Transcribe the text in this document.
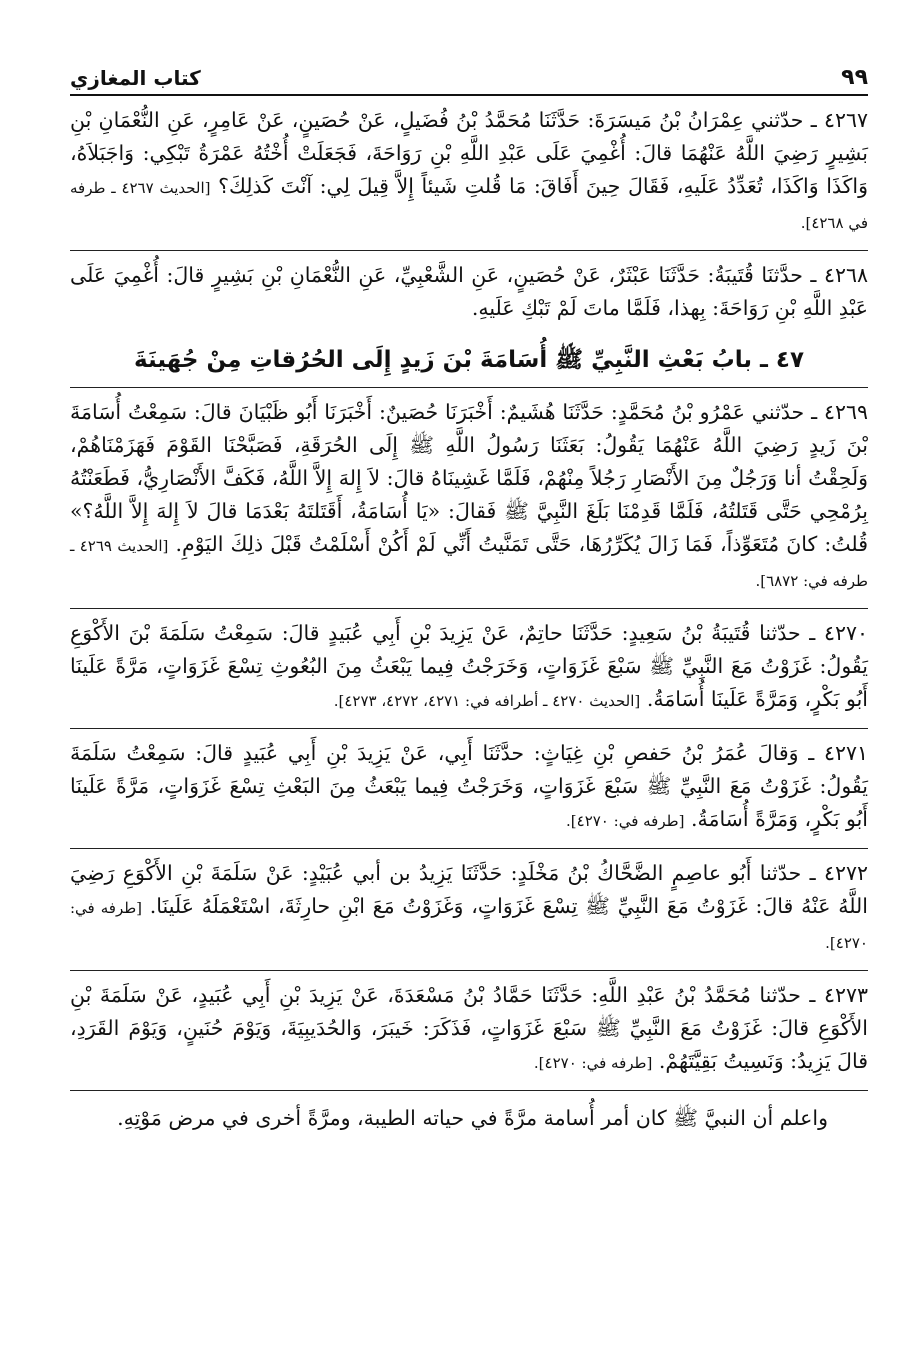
كتاب المغازي	٩٩

٤٢٦٧ ـ حدّثني عِمْرَانُ بْنُ مَيسَرَةَ: حَدَّثَنَا مُحَمَّدُ بْنُ فُضَيلٍ، عَنْ حُصَينٍ، عَنْ عَامِرٍ، عَنِ النُّعْمَانِ بْنِ بَشِيرٍ رَضِيَ اللَّهُ عَنْهُمَا قالَ: أُغْمِيَ عَلَى عَبْدِ اللَّهِ بْنِ رَوَاحَةَ، فَجَعَلَتْ أُخْتُهُ عَمْرَةُ تَبْكِي: وَاجَبَلاَهُ، وَاكَذَا وَاكَذَا، تُعَدِّدُ عَلَيهِ، فَقَالَ حِينَ أَفَاقَ: مَا قُلتِ شَيئاً إِلاَّ قِيلَ لِي: آنْتَ كَذلِكَ؟ [الحديث ٤٢٦٧ ـ طرفه في ٤٢٦٨].

٤٢٦٨ ـ حدَّثنَا قُتَيبَةُ: حَدَّثَنَا عَبْثَرٌ، عَنْ حُصَينٍ، عَنِ الشَّعْبِيِّ، عَنِ النُّعْمَانِ بْنِ بَشِيرٍ قالَ: أُغْمِيَ عَلَى عَبْدِ اللَّهِ بْنِ رَوَاحَةَ: بِهذا، فَلَمَّا ماتَ لَمْ تَبْكِ عَلَيهِ.

٤٧ ـ بابُ بَعْثِ النَّبِيِّ ﷺ أُسَامَةَ بْنَ زَيدٍ إِلَى الحُرُقاتِ مِنْ جُهَينَةَ

٤٢٦٩ ـ حدّثني عَمْرُو بْنُ مُحَمَّدٍ: حَدَّثَنَا هُشَيمٌ: أَخْبَرَنَا حُصَينٌ: أَخْبَرَنَا أَبُو ظَبْيَانَ قالَ: سَمِعْتُ أُسَامَةَ بْنَ زَيدٍ رَضِيَ اللَّهُ عَنْهُمَا يَقُولُ: بَعَثَنَا رَسُولُ اللَّهِ ﷺ إِلَى الحُرَقَةِ، فَصَبَّحْنَا القَوْمَ فَهَزَمْنَاهُمْ، وَلَحِقْتُ أنا وَرَجُلٌ مِنَ الأَنْصَارِ رَجُلاً مِنْهُمْ، فَلَمَّا غَشِينَاهُ قالَ: لاَ إِلهَ إِلاَّ اللَّهُ، فَكَفَّ الأَنْصَارِيُّ، فَطَعَنْتُهُ بِرُمْحِي حَتَّى قَتَلتُهُ، فَلَمَّا قَدِمْنَا بَلَغَ النَّبِيَّ ﷺ فَقالَ: «يَا أُسَامَةُ، أَقَتَلتَهُ بَعْدَمَا قالَ لاَ إِلهَ إِلاَّ اللَّهُ؟» قُلتُ: كانَ مُتَعَوِّذاً، فَمَا زَالَ يُكَرِّرُهَا، حَتَّى تَمَنَّيتُ أَنِّي لَمْ أَكُنْ أَسْلَمْتُ قَبْلَ ذلِكَ اليَوْمِ. [الحديث ٤٢٦٩ ـ طرفه في: ٦٨٧٢].

٤٢٧٠ ـ حدّثنا قُتَيبَةُ بْنُ سَعِيدٍ: حَدَّثَنَا حاتِمٌ، عَنْ يَزِيدَ بْنِ أَبِي عُبَيدٍ قالَ: سَمِعْتُ سَلَمَةَ بْنَ الأَكْوَعِ يَقُولُ: غَزَوْتُ مَعَ النَّبِيِّ ﷺ سَبْعَ غَزَوَاتٍ، وَخَرَجْتُ فِيما يَبْعَثُ مِنَ البُعُوثِ تِسْعَ غَزَوَاتٍ، مَرَّةً عَلَينَا أَبُو بَكْرٍ، وَمَرَّةً عَلَينَا أُسَامَةُ. [الحديث ٤٢٧٠ ـ أطرافه في: ٤٢٧١، ٤٢٧٢، ٤٢٧٣].

٤٢٧١ ـ وَقالَ عُمَرُ بْنُ حَفصِ بْنِ غِيَاثٍ: حدَّثَنَا أَبِي، عَنْ يَزِيدَ بْنِ أَبِي عُبَيدٍ قالَ: سَمِعْتُ سَلَمَةَ يَقُولُ: غَزَوْتُ مَعَ النَّبِيِّ ﷺ سَبْعَ غَزَوَاتٍ، وَخَرَجْتُ فِيما يَبْعَثُ مِنَ البَعْثِ تِسْعَ غَزَوَاتٍ، مَرَّةً عَلَينَا أَبُو بَكْرٍ، وَمَرَّةً أُسَامَةُ. [طرفه في: ٤٢٧٠].

٤٢٧٢ ـ حدّثنا أَبُو عاصِمٍ الضَّحَّاكُ بْنُ مَخْلَدٍ: حَدَّثَنَا يَزِيدُ بن أبي عُبَيْدٍ: عَنْ سَلَمَةَ بْنِ الأَكْوَعِ رَضِيَ اللَّهُ عَنْهُ قالَ: غَزَوْتُ مَعَ النَّبِيِّ ﷺ تِسْعَ غَزَوَاتٍ، وَغَزَوْتُ مَعَ ابْنِ حارِثَةَ، اسْتَعْمَلَهُ عَلَينَا. [طرفه في: ٤٢٧٠].

٤٢٧٣ ـ حدّثنا مُحَمَّدُ بْنُ عَبْدِ اللَّهِ: حَدَّثَنَا حَمَّادُ بْنُ مَسْعَدَةَ، عَنْ يَزِيدَ بْنِ أَبِي عُبَيدٍ، عَنْ سَلَمَةَ بْنِ الأَكْوَعِ قالَ: غَزَوْتُ مَعَ النَّبِيِّ ﷺ سَبْعَ غَزَوَاتٍ، فَذَكَرَ: خَيبَرَ، وَالحُدَيبِيَةَ، وَيَوْمَ حُنَينٍ، وَيَوْمَ القَرَدِ، قالَ يَزِيدُ: وَنَسِيتُ بَقِيَّتَهُمْ. [طرفه في: ٤٢٧٠].

واعلم أن النبيَّ ﷺ كان أمر أُسامة مرَّةً في حياته الطيبة، ومرَّةً أخرى في مرض مَوْتِهِ.
